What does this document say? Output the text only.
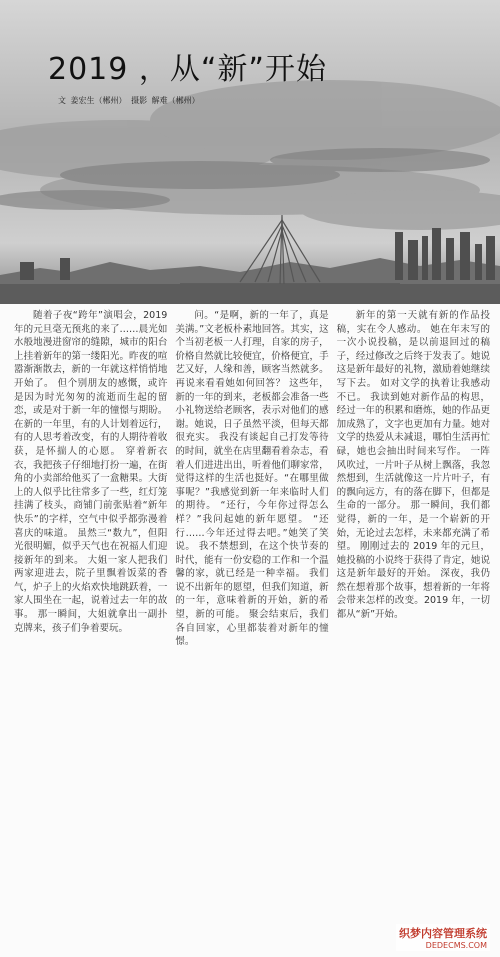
2019 ，从“新”开始
文 姜宏生（郴州） 摄影 解难（郴州）

随着子夜“跨年”演唱会，2019年的元旦毫无预兆的来了……晨光如水般地漫进窗帘的缝隙，城市的阳台上挂着新年的第一缕阳光。昨夜的喧嚣渐渐散去，新的一年就这样悄悄地开始了。 但个别朋友的感慨，或许是因为时光匆匆的流逝而生起的留恋，或是对于新一年的憧憬与期盼。在新的一年里，有的人计划着远行，有的人思考着改变，有的人期待着收获，是怀揣人的心愿。 穿着新衣衣，我把孩子仔细地打扮一遍，在街角的小卖部给他买了一盒糖果。大街上的人似乎比往常多了一些，红灯笼挂满了枝头，商铺门前张贴着“新年快乐”的字样，空气中似乎都弥漫着喜庆的味道。 虽然三“数九”，但阳光很明媚，似乎天气也在祝福人们迎接新年的到来。 大姐一家人把我们两家迎进去，院子里飘着饭菜的香气，炉子上的火焰欢快地跳跃着，一家人围坐在一起，说着过去一年的故事。 那一瞬间，大姐就拿出一副扑克牌来，孩子们争着要玩。

问。“是啊，新的一年了，真是美满。”文老板朴素地回答。其实，这个当初老板一人打理，自家的房子，价格自然就比较便宜，价格便宜，手艺又好，人缘和善，顾客当然就多。再说来看看她如何回答？ 这些年，新的一年的到来，老板都会准备一些小礼物送给老顾客，表示对他们的感谢。她说，日子虽然平淡，但每天都很充实。 我没有谈起自己打发等待的时间，就坐在店里翻看着杂志，看着人们进进出出，听着他们聊家常，觉得这样的生活也挺好。“在哪里做事呢？”我感觉到新一年来临时人们的期待。 “还行，今年你过得怎么样？”我问起她的新年愿望。 “还行……今年还过得去吧。”她笑了笑说。 我不禁想到，在这个快节奏的时代，能有一份安稳的工作和一个温馨的家，就已经是一种幸福。 我们说不出新年的愿望，但我们知道，新的一年，意味着新的开始，新的希望，新的可能。 聚会结束后，我们各自回家，心里都装着对新年的憧憬。

新年的第一天就有新的作品投稿，实在令人感动。 她在年末写的一次小说投稿，是以前退回过的稿子，经过修改之后终于发表了。她说这是新年最好的礼物，激励着她继续写下去。 如对文学的执着让我感动不已。 我读到她对新作品的构思，经过一年的积累和磨炼，她的作品更加成熟了，文字也更加有力量。她对文学的热爱从未减退，哪怕生活再忙碌，她也会抽出时间来写作。 一阵风吹过，一片叶子从树上飘落，我忽然想到，生活就像这一片片叶子，有的飘向远方，有的落在脚下，但都是生命的一部分。 那一瞬间，我们都觉得，新的一年，是一个崭新的开始，无论过去怎样，未来都充满了希望。 刚刚过去的 2019 年的元旦，她投稿的小说终于获得了肯定，她说这是新年最好的开始。 深夜，我仍然在想着那个故事，想着新的一年将会带来怎样的改变。2019 年，一切都从“新”开始。

织梦内容管理系统
DEDECMS.COM
